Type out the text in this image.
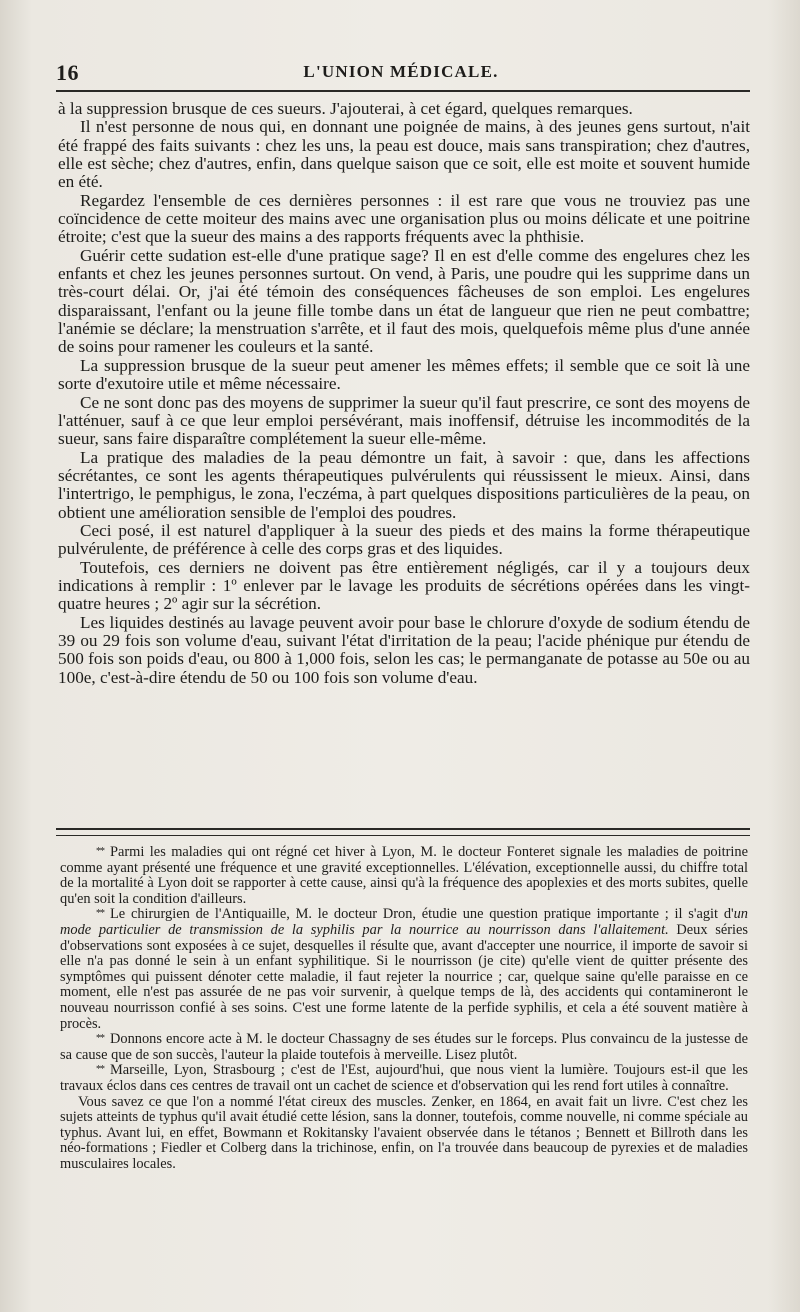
16	L'UNION MÉDICALE.

à la suppression brusque de ces sueurs. J'ajouterai, à cet égard, quelques remarques.

Il n'est personne de nous qui, en donnant une poignée de mains, à des jeunes gens surtout, n'ait été frappé des faits suivants : chez les uns, la peau est douce, mais sans transpiration; chez d'autres, elle est sèche; chez d'autres, enfin, dans quelque saison que ce soit, elle est moite et souvent humide en été.

Regardez l'ensemble de ces dernières personnes : il est rare que vous ne trouviez pas une coïncidence de cette moiteur des mains avec une organisation plus ou moins délicate et une poitrine étroite; c'est que la sueur des mains a des rapports fréquents avec la phthisie.

Guérir cette sudation est-elle d'une pratique sage? Il en est d'elle comme des engelures chez les enfants et chez les jeunes personnes surtout. On vend, à Paris, une poudre qui les supprime dans un très-court délai. Or, j'ai été témoin des conséquences fâcheuses de son emploi. Les engelures disparaissant, l'enfant ou la jeune fille tombe dans un état de langueur que rien ne peut combattre; l'anémie se déclare; la menstruation s'arrête, et il faut des mois, quelquefois même plus d'une année de soins pour ramener les couleurs et la santé.

La suppression brusque de la sueur peut amener les mêmes effets; il semble que ce soit là une sorte d'exutoire utile et même nécessaire.

Ce ne sont donc pas des moyens de supprimer la sueur qu'il faut prescrire, ce sont des moyens de l'atténuer, sauf à ce que leur emploi persévérant, mais inoffensif, détruise les incommodités de la sueur, sans faire disparaître complétement la sueur elle-même.

La pratique des maladies de la peau démontre un fait, à savoir : que, dans les affections sécrétantes, ce sont les agents thérapeutiques pulvérulents qui réussissent le mieux. Ainsi, dans l'intertrigo, le pemphigus, le zona, l'eczéma, à part quelques dispositions particulières de la peau, on obtient une amélioration sensible de l'emploi des poudres.

Ceci posé, il est naturel d'appliquer à la sueur des pieds et des mains la forme thérapeutique pulvérulente, de préférence à celle des corps gras et des liquides.

Toutefois, ces derniers ne doivent pas être entièrement négligés, car il y a toujours deux indications à remplir : 1º enlever par le lavage les produits de sécrétions opérées dans les vingt-quatre heures ; 2º agir sur la sécrétion.

Les liquides destinés au lavage peuvent avoir pour base le chlorure d'oxyde de sodium étendu de 39 ou 29 fois son volume d'eau, suivant l'état d'irritation de la peau; l'acide phénique pur étendu de 500 fois son poids d'eau, ou 800 à 1,000 fois, selon les cas; le permanganate de potasse au 50e ou au 100e, c'est-à-dire étendu de 50 ou 100 fois son volume d'eau.

** Parmi les maladies qui ont régné cet hiver à Lyon, M. le docteur Fonteret signale les maladies de poitrine comme ayant présenté une fréquence et une gravité exceptionnelles. L'élévation, exceptionnelle aussi, du chiffre total de la mortalité à Lyon doit se rapporter à cette cause, ainsi qu'à la fréquence des apoplexies et des morts subites, quelle qu'en soit la condition d'ailleurs.

** Le chirurgien de l'Antiquaille, M. le docteur Dron, étudie une question pratique importante ; il s'agit d'un mode particulier de transmission de la syphilis par la nourrice au nourrisson dans l'allaitement. Deux séries d'observations sont exposées à ce sujet, desquelles il résulte que, avant d'accepter une nourrice, il importe de savoir si elle n'a pas donné le sein à un enfant syphilitique. Si le nourrisson (je cite) qu'elle vient de quitter présente des symptômes qui puissent dénoter cette maladie, il faut rejeter la nourrice ; car, quelque saine qu'elle paraisse en ce moment, elle n'est pas assurée de ne pas voir survenir, à quelque temps de là, des accidents qui contamineront le nouveau nourrisson confié à ses soins. C'est une forme latente de la perfide syphilis, et cela a été souvent matière à procès.

** Donnons encore acte à M. le docteur Chassagny de ses études sur le forceps. Plus convaincu de la justesse de sa cause que de son succès, l'auteur la plaide toutefois à merveille. Lisez plutôt.

** Marseille, Lyon, Strasbourg ; c'est de l'Est, aujourd'hui, que nous vient la lumière. Toujours est-il que les travaux éclos dans ces centres de travail ont un cachet de science et d'observation qui les rend fort utiles à connaître.

Vous savez ce que l'on a nommé l'état cireux des muscles. Zenker, en 1864, en avait fait un livre. C'est chez les sujets atteints de typhus qu'il avait étudié cette lésion, sans la donner, toutefois, comme nouvelle, ni comme spéciale au typhus. Avant lui, en effet, Bowmann et Rokitansky l'avaient observée dans le tétanos ; Bennett et Billroth dans les néo-formations ; Fiedler et Colberg dans la trichinose, enfin, on l'a trouvée dans beaucoup de pyrexies et de maladies musculaires locales.
